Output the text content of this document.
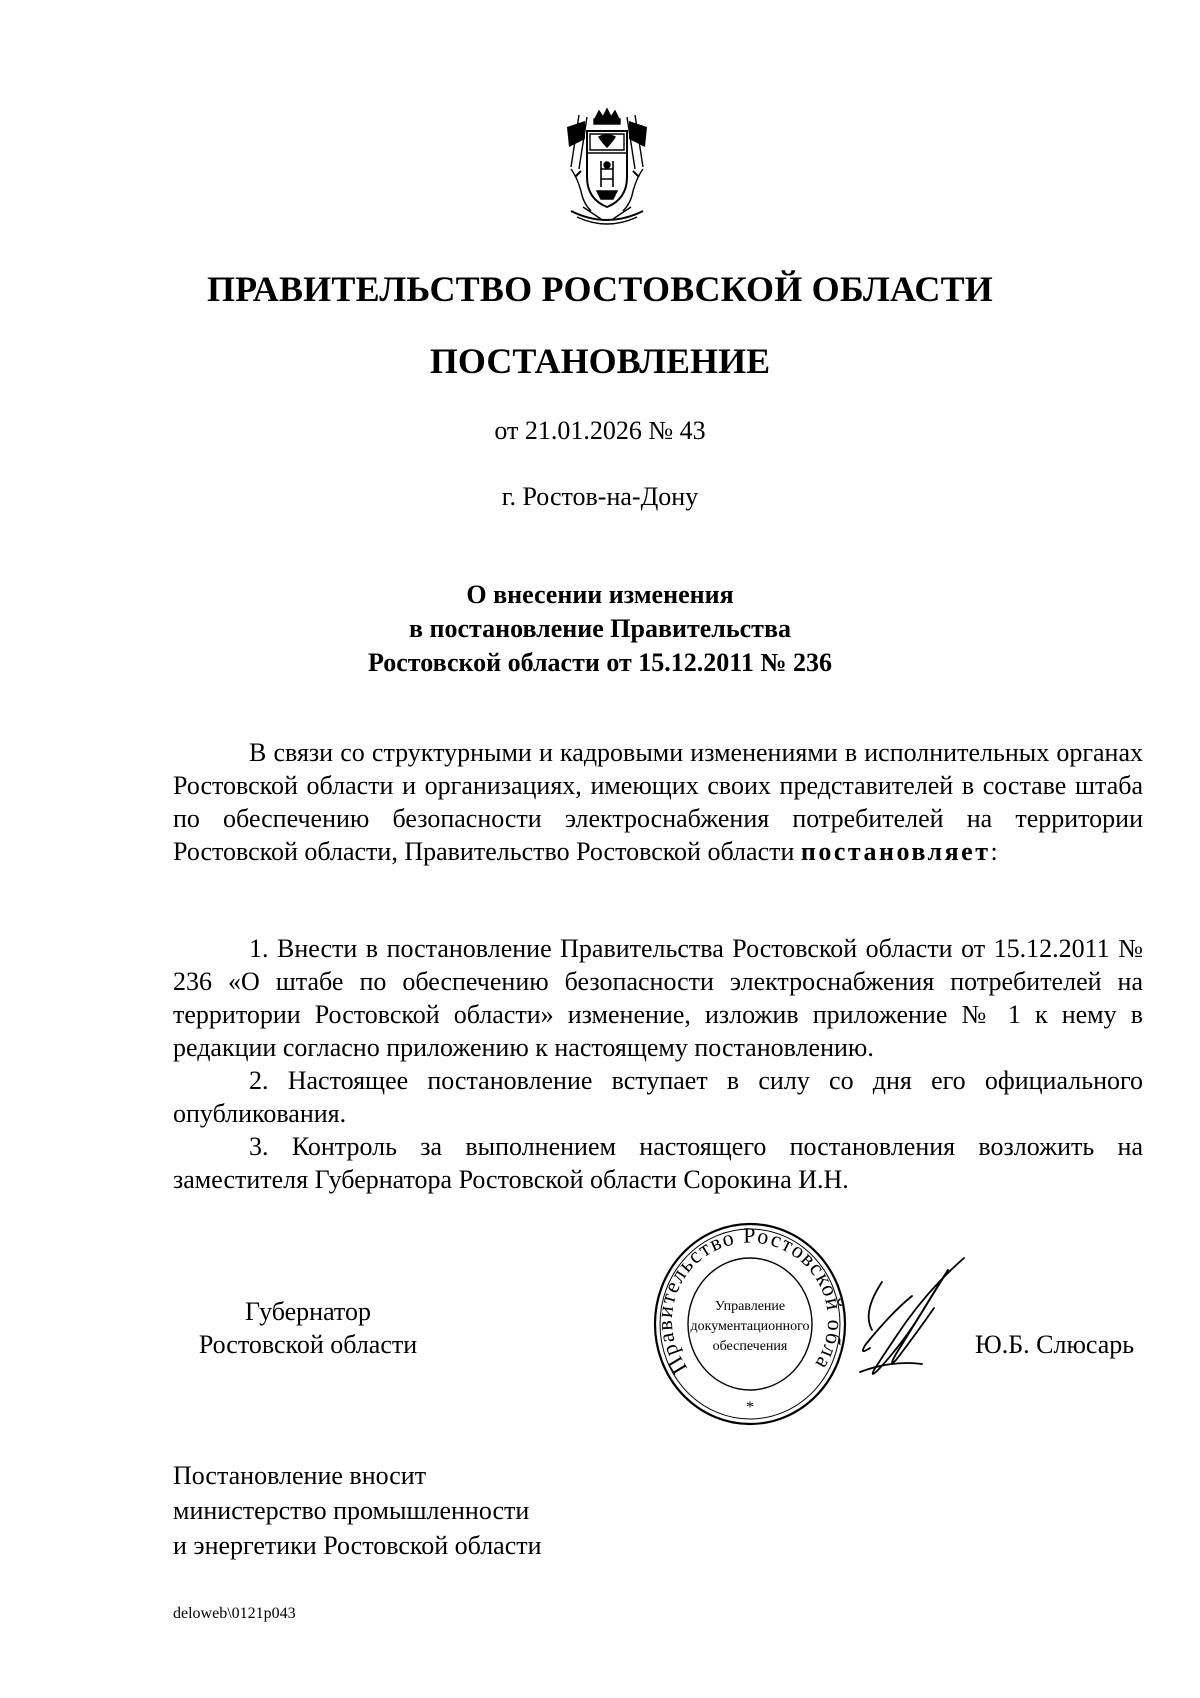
ПРАВИТЕЛЬСТВО РОСТОВСКОЙ ОБЛАСТИ
ПОСТАНОВЛЕНИЕ
от 21.01.2026 № 43
г. Ростов-на-Дону
О внесении изменения
в постановление Правительства
Ростовской области от 15.12.2011 № 236
В связи со структурными и кадровыми изменениями в исполнительных органах Ростовской области и организациях, имеющих своих представителей в составе штаба по обеспечению безопасности электроснабжения потребителей на территории Ростовской области, Правительство Ростовской области постановляет:

1. Внести в постановление Правительства Ростовской области от 15.12.2011 № 236 «О штабе по обеспечению безопасности электроснабжения потребителей на территории Ростовской области» изменение, изложив приложение № 1 к нему в редакции согласно приложению к настоящему постановлению.

2. Настоящее постановление вступает в силу со дня его официального опубликования.

3. Контроль за выполнением настоящего постановления возложить на заместителя Губернатора Ростовской области Сорокина И.Н.

Губернатор
Ростовской области
Правительство Ростовской обла
Управление
документационного
обеспечения
*
Ю.Б. Слюсарь
Постановление вносит
министерство промышленности
и энергетики Ростовской области
deloweb\0121p043
